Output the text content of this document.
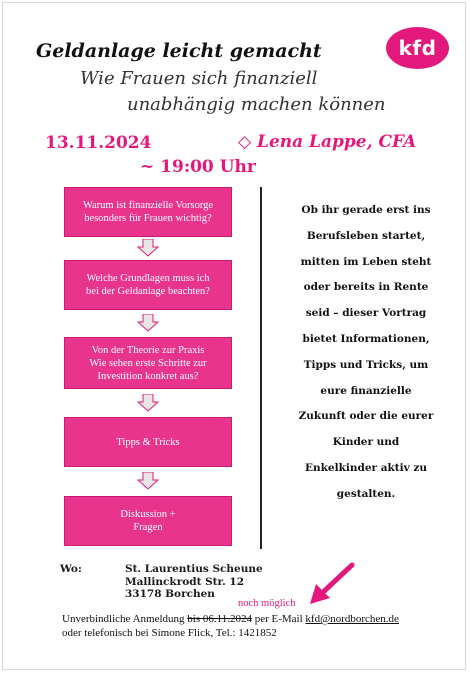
Geldanlage leicht gemacht
Wie Frauen sich finanziell
unabhängig machen können
kfd
13.11.2024	◇ Lena Lappe, CFA
~ 19:00 Uhr
Warum ist finanzielle Vorsorge
besonders für Frauen wichtig?
Welche Grundlagen muss ich
bei der Geldanlage beachten?
Von der Theorie zur Praxis
Wie sehen erste Schritte zur
Investition konkret aus?
Tipps & Tricks
Diskussion +
Fragen
Ob ihr gerade erst ins
Berufsleben startet,
mitten im Leben steht
oder bereits in Rente
seid – dieser Vortrag
bietet Informationen,
Tipps und Tricks, um
eure finanzielle
Zukunft oder die eurer
Kinder und
Enkelkinder aktiv zu
gestalten.
Wo:	St. Laurentius Scheune
Mallinckrodt Str. 12
33178 Borchen
noch möglich
Unverbindliche Anmeldung bis 06.11.2024 per E-Mail kfd@nordborchen.de
oder telefonisch bei Simone Flick, Tel.: 1421852
